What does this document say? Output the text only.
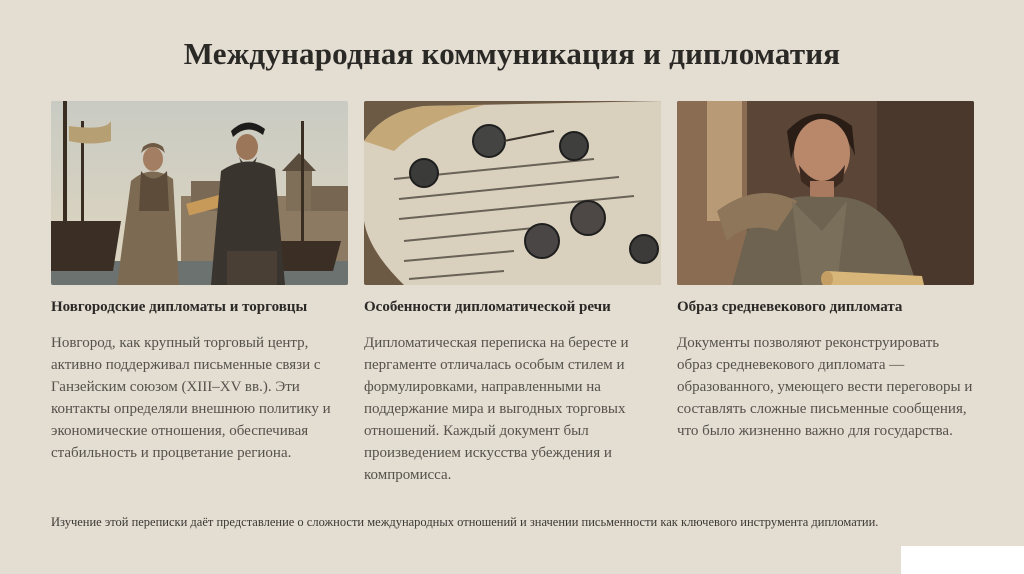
Международная коммуникация и дипломатия
Новгородские дипломаты и торговцы
Новгород, как крупный торговый центр, активно поддерживал письменные связи с Ганзейским союзом (XIII–XV вв.). Эти контакты определяли внешнюю политику и экономические отношения, обеспечивая стабильность и процветание региона.
Особенности дипломатической речи
Дипломатическая переписка на бересте и пергаменте отличалась особым стилем и формулировками, направленными на поддержание мира и выгодных торговых отношений. Каждый документ был произведением искусства убеждения и компромисса.
Образ средневекового дипломата
Документы позволяют реконструировать образ средневекового дипломата — образованного, умеющего вести переговоры и составлять сложные письменные сообщения, что было жизненно важно для государства.
Изучение этой переписки даёт представление о сложности международных отношений и значении письменности как ключевого инструмента дипломатии.
